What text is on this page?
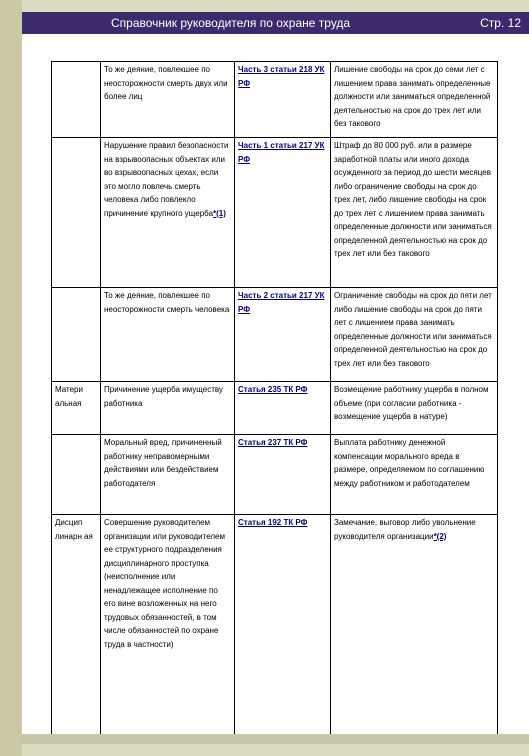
Справочник руководителя по охране труда	Стр. 12
	То же деяние, повлекшее по неосторожности смерть двух или более лиц	Часть 3 статьи 218 УК РФ	Лишение свободы на срок до семи лет с лишением права занимать определенные должности или заниматься определенной деятельностью на срок до трех лет или без такового
	Нарушение правил безопасности на взрывоопасных объектах или во взрывоопасных цехах, если это могло повлечь смерть человека либо повлекло причинение крупного ущерба*(1)	Часть 1 статьи 217 УК РФ	Штраф до 80 000 руб. или в размере заработной платы или иного дохода осужденного за период до шести месяцев либо ограничение свободы на срок до трех лет, либо лишение свободы на срок до трех лет с лишением права занимать определенные должности или заниматься определенной деятельностью на срок до трех лет или без такового
	То же деяние, повлекшее по неосторожности смерть человека	Часть 2 статьи 217 УК РФ	Ограничение свободы на срок до пяти лет либо лишение свободы на срок до пяти лет с лишением права занимать определенные должности или заниматься определенной деятельностью на срок до трех лет или без такового
Матери альная	Причинение ущерба имуществу работника	Статья 235 ТК РФ	Возмещение работнику ущерба в полном объеме (при согласии работника - возмещение ущерба в натуре)
	Моральный вред, причиненный работнику неправомерными действиями или бездействием работодателя	Статья 237 ТК РФ	Выплата работнику денежной компенсации морального вреда в размере, определяемом по соглашению между работником и работодателем
Дисцип линарн ая	Совершение руководителем организации или руководителем ее структурного подразделения дисциплинарного проступка (неисполнение или ненадлежащее исполнение по его вине возложенных на него трудовых обязанностей, в том числе обязанностей по охране труда в частности)	Статья 192 ТК РФ	Замечание, выговор либо увольнение руководителя организации*(2)
